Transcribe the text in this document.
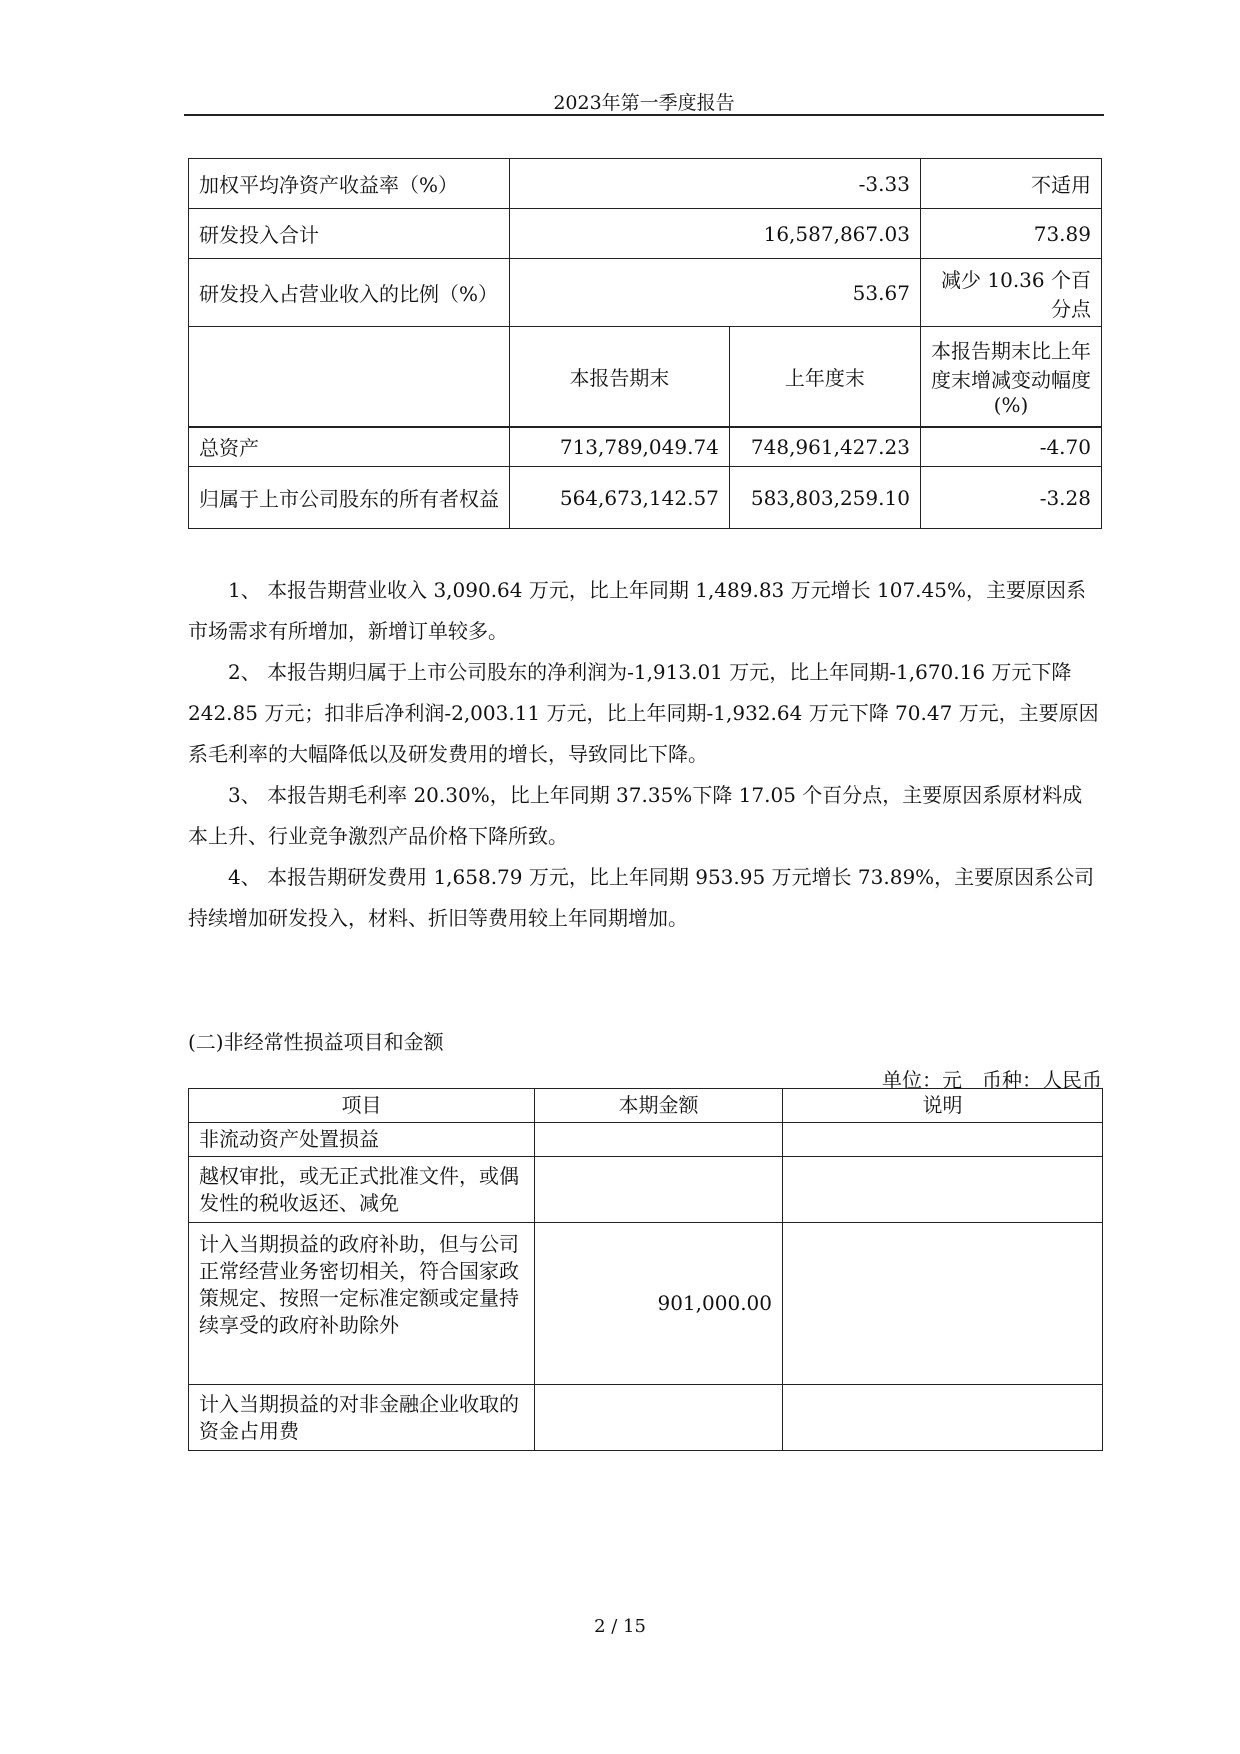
2023年第一季度报告
加权平均净资产收益率（%）	-3.33		不适用
研发投入合计	16,587,867.03		73.89
研发投入占营业收入的比例（%）	53.67		减少 10.36 个百分点
	本报告期末	上年度末	本报告期末比上年度末增减变动幅度(%)
总资产	713,789,049.74	748,961,427.23	-4.70
归属于上市公司股东的所有者权益	564,673,142.57	583,803,259.10	-3.28

1、 本报告期营业收入 3,090.64 万元，比上年同期 1,489.83 万元增长 107.45%，主要原因系市场需求有所增加，新增订单较多。

2、 本报告期归属于上市公司股东的净利润为-1,913.01 万元，比上年同期-1,670.16 万元下降 242.85 万元；扣非后净利润-2,003.11 万元，比上年同期-1,932.64 万元下降 70.47 万元，主要原因系毛利率的大幅降低以及研发费用的增长，导致同比下降。

3、 本报告期毛利率 20.30%，比上年同期 37.35%下降 17.05 个百分点，主要原因系原材料成本上升、行业竞争激烈产品价格下降所致。

4、 本报告期研发费用 1,658.79 万元，比上年同期 953.95 万元增长 73.89%，主要原因系公司持续增加研发投入，材料、折旧等费用较上年同期增加。

(二)非经常性损益项目和金额
单位：元　币种：人民币
项目	本期金额	说明
非流动资产处置损益		
越权审批，或无正式批准文件，或偶发性的税收返还、减免		
计入当期损益的政府补助，但与公司正常经营业务密切相关，符合国家政策规定、按照一定标准定额或定量持续享受的政府补助除外	901,000.00	
计入当期损益的对非金融企业收取的资金占用费		
2 / 15
